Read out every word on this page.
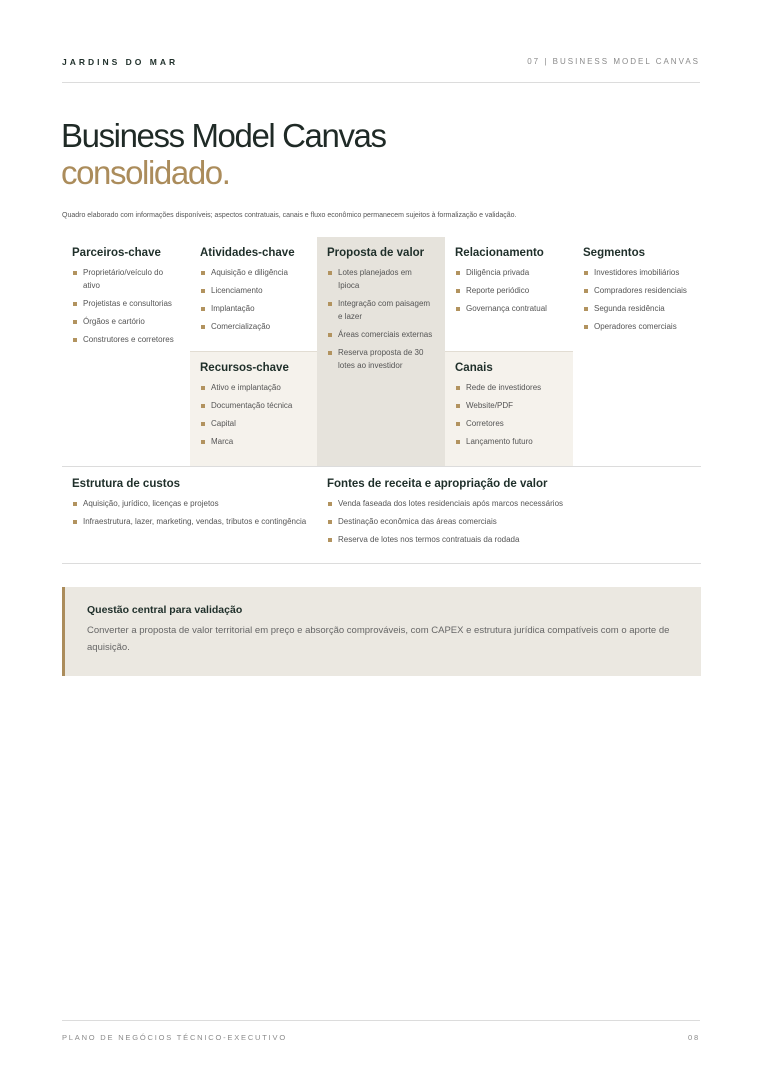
JARDINS DO MAR	07 | BUSINESS MODEL CANVAS
Business Model Canvas
consolidado.
Quadro elaborado com informações disponíveis; aspectos contratuais, canais e fluxo econômico permanecem sujeitos à formalização e validação.
Parceiros-chave
Proprietário/veículo do ativo
Projetistas e consultorias
Órgãos e cartório
Construtores e corretores
Atividades-chave
Aquisição e diligência
Licenciamento
Implantação
Comercialização
Recursos-chave
Ativo e implantação
Documentação técnica
Capital
Marca
Proposta de valor
Lotes planejados em Ipioca
Integração com paisagem e lazer
Áreas comerciais externas
Reserva proposta de 30 lotes ao investidor
Relacionamento
Diligência privada
Reporte periódico
Governança contratual
Canais
Rede de investidores
Website/PDF
Corretores
Lançamento futuro
Segmentos
Investidores imobiliários
Compradores residenciais
Segunda residência
Operadores comerciais
Estrutura de custos
Aquisição, jurídico, licenças e projetos
Infraestrutura, lazer, marketing, vendas, tributos e contingência
Fontes de receita e apropriação de valor
Venda faseada dos lotes residenciais após marcos necessários
Destinação econômica das áreas comerciais
Reserva de lotes nos termos contratuais da rodada
Questão central para validação

Converter a proposta de valor territorial em preço e absorção comprováveis, com CAPEX e estrutura jurídica compatíveis com o aporte de aquisição.

PLANO DE NEGÓCIOS TÉCNICO-EXECUTIVO	08
